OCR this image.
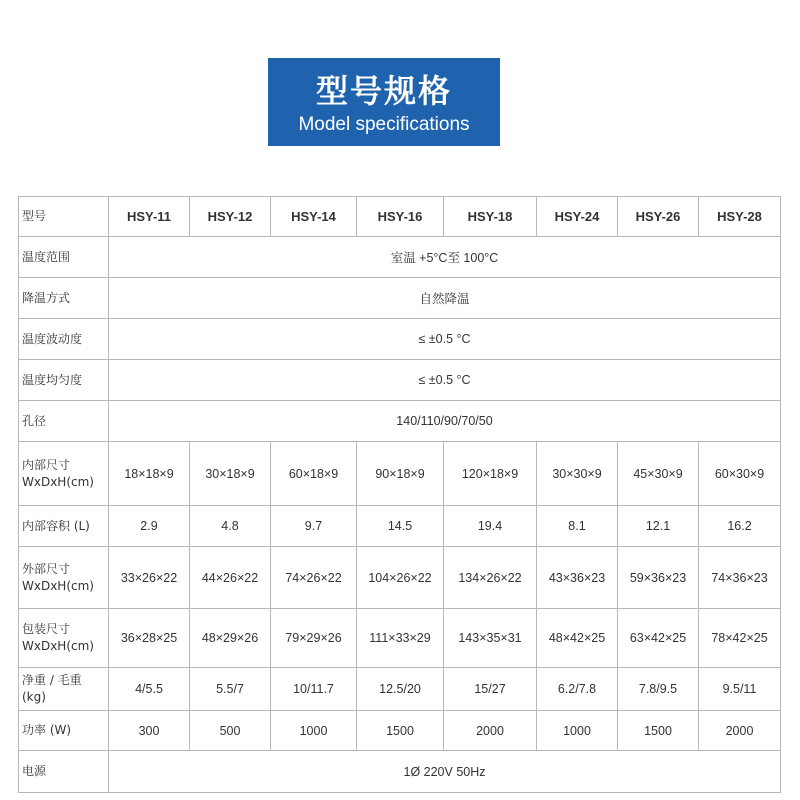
型号规格
Model specifications
型号	HSY-11	HSY-12	HSY-14	HSY-16	HSY-18	HSY-24	HSY-26	HSY-28
温度范围	室温 +5°C至 100°C							
降温方式	自然降温							
温度波动度	≤ ±0.5 °C							
温度均匀度	≤ ±0.5 °C							
孔径	140/110/90/70/50							

内部尺寸
WxDxH(cm)	18×18×9	30×18×9	60×18×9	90×18×9	120×18×9	30×30×9	45×30×9	60×30×9
内部容积 (L)	2.9	4.8	9.7	14.5	19.4	8.1	12.1	16.2

外部尺寸
WxDxH(cm)	33×26×22	44×26×22	74×26×22	104×26×22	134×26×22	43×36×23	59×36×23	74×36×23

包装尺寸
WxDxH(cm)	36×28×25	48×29×26	79×29×26	111×33×29	143×35×31	48×42×25	63×42×25	78×42×25

净重 / 毛重
(kg)	4/5.5	5.5/7	10/11.7	12.5/20	15/27	6.2/7.8	7.8/9.5	9.5/11
功率 (W)	300	500	1000	1500	2000	1000	1500	2000
电源	1Ø 220V 50Hz							
